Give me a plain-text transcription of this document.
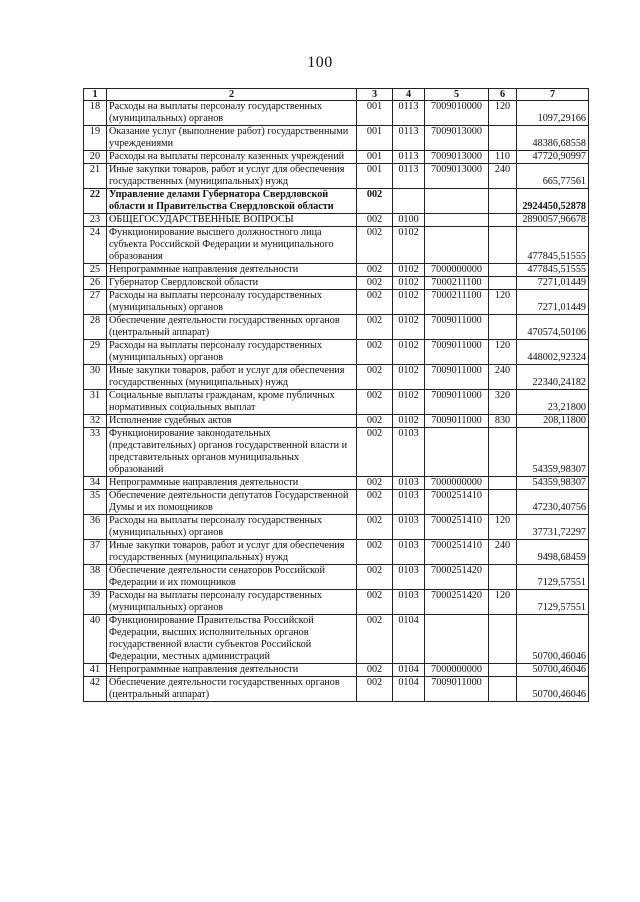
100
1	2	3	4	5	6	7
18	Расходы на выплаты персоналу государственных (муниципальных) органов	001	0113	7009010000	120	1097,29166
19	Оказание услуг (выполнение работ) государственными учреждениями	001	0113	7009013000		48386,68558
20	Расходы на выплаты персоналу казенных учреждений	001	0113	7009013000	110	47720,90997
21	Иные закупки товаров, работ и услуг для обеспечения государственных (муниципальных) нужд	001	0113	7009013000	240	665,77561
22	Управление делами Губернатора Свердловской области и Правительства Свердловской области	002				2924450,52878
23	ОБЩЕГОСУДАРСТВЕННЫЕ ВОПРОСЫ	002	0100			2890057,96678
24	Функционирование высшего должностного лица субъекта Российской Федерации и муниципального образования	002	0102			477845,51555
25	Непрограммные направления деятельности	002	0102	7000000000		477845,51555
26	Губернатор Свердловской области	002	0102	7000211100		7271,01449
27	Расходы на выплаты персоналу государственных (муниципальных) органов	002	0102	7000211100	120	7271,01449
28	Обеспечение деятельности государственных органов (центральный аппарат)	002	0102	7009011000		470574,50106
29	Расходы на выплаты персоналу государственных (муниципальных) органов	002	0102	7009011000	120	448002,92324
30	Иные закупки товаров, работ и услуг для обеспечения государственных (муниципальных) нужд	002	0102	7009011000	240	22340,24182
31	Социальные выплаты гражданам, кроме публичных нормативных социальных выплат	002	0102	7009011000	320	23,21800
32	Исполнение судебных актов	002	0102	7009011000	830	208,11800
33	Функционирование законодательных (представительных) органов государственной власти и представительных органов муниципальных образований	002	0103			54359,98307
34	Непрограммные направления деятельности	002	0103	7000000000		54359,98307
35	Обеспечение деятельности депутатов Государственной Думы и их помощников	002	0103	7000251410		47230,40756
36	Расходы на выплаты персоналу государственных (муниципальных) органов	002	0103	7000251410	120	37731,72297
37	Иные закупки товаров, работ и услуг для обеспечения государственных (муниципальных) нужд	002	0103	7000251410	240	9498,68459
38	Обеспечение деятельности сенаторов Российской Федерации и их помощников	002	0103	7000251420		7129,57551
39	Расходы на выплаты персоналу государственных (муниципальных) органов	002	0103	7000251420	120	7129,57551
40	Функционирование Правительства Российской Федерации, высших исполнительных органов государственной власти субъектов Российской Федерации, местных администраций	002	0104			50700,46046
41	Непрограммные направления деятельности	002	0104	7000000000		50700,46046
42	Обеспечение деятельности государственных органов (центральный аппарат)	002	0104	7009011000		50700,46046
